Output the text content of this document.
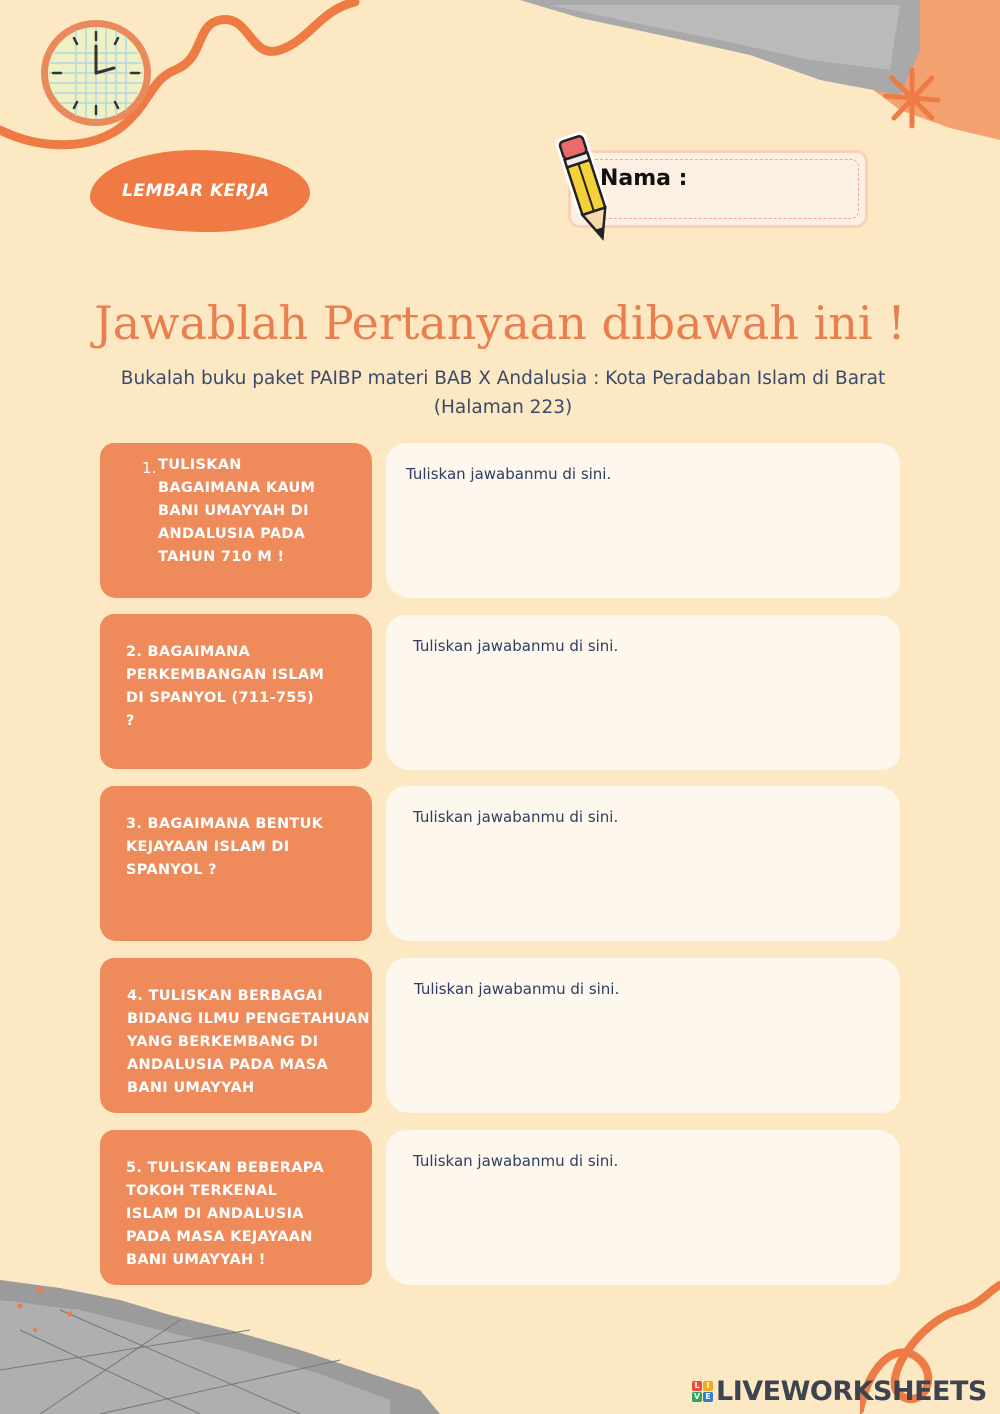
LEMBAR KERJA	Nama :
Jawablah Pertanyaan dibawah ini !
Bukalah buku paket PAIBP materi BAB X Andalusia : Kota Peradaban Islam di Barat (Halaman 223)
1. TULISKAN BAGAIMANA KAUM BANI UMAYYAH DI ANDALUSIA PADA TAHUN 710 M !
Tuliskan jawabanmu di sini.
2. BAGAIMANA PERKEMBANGAN ISLAM DI SPANYOL (711-755) ?
Tuliskan jawabanmu di sini.
3. BAGAIMANA BENTUK KEJAYAAN ISLAM DI SPANYOL ?
Tuliskan jawabanmu di sini.
4. TULISKAN BERBAGAI BIDANG ILMU PENGETAHUAN YANG BERKEMBANG DI ANDALUSIA PADA MASA BANI UMAYYAH
Tuliskan jawabanmu di sini.
5. TULISKAN BEBERAPA TOKOH TERKENAL ISLAM DI ANDALUSIA PADA MASA KEJAYAAN BANI UMAYYAH !
Tuliskan jawabanmu di sini.
L I
V E LIVEWORKSHEETS
